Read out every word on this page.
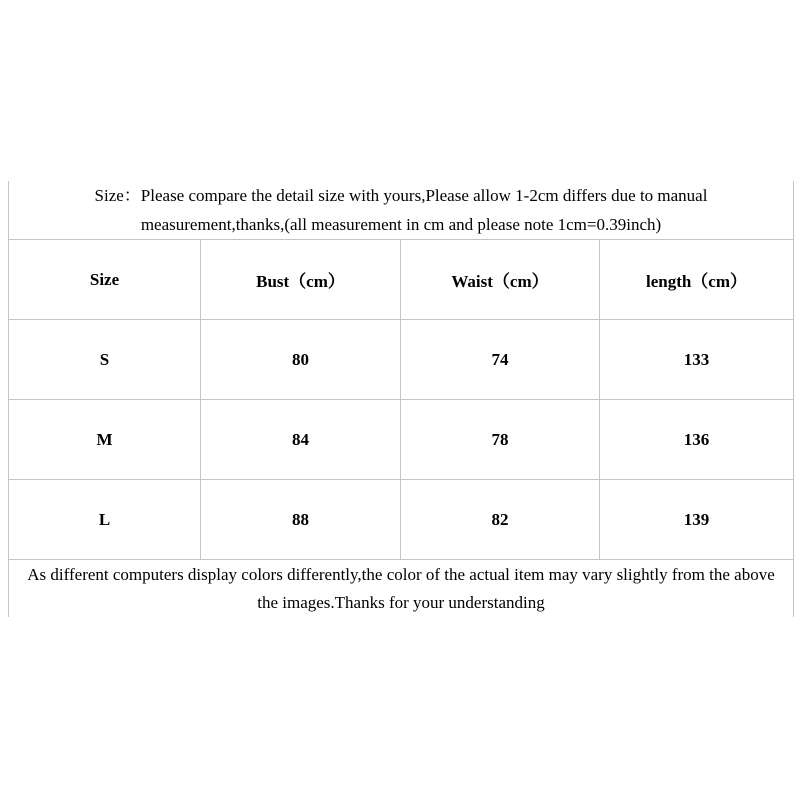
Size：Please compare the detail size with yours,Please allow 1-2cm differs due to manual
measurement,thanks,(all measurement in cm and please note 1cm=0.39inch)
Size	Bust（cm）	Waist（cm）	length（cm）
S	80	74	133
M	84	78	136
L	88	82	139
As different computers display colors differently,the color of the actual item may vary slightly from the above
the images.Thanks for your understanding
